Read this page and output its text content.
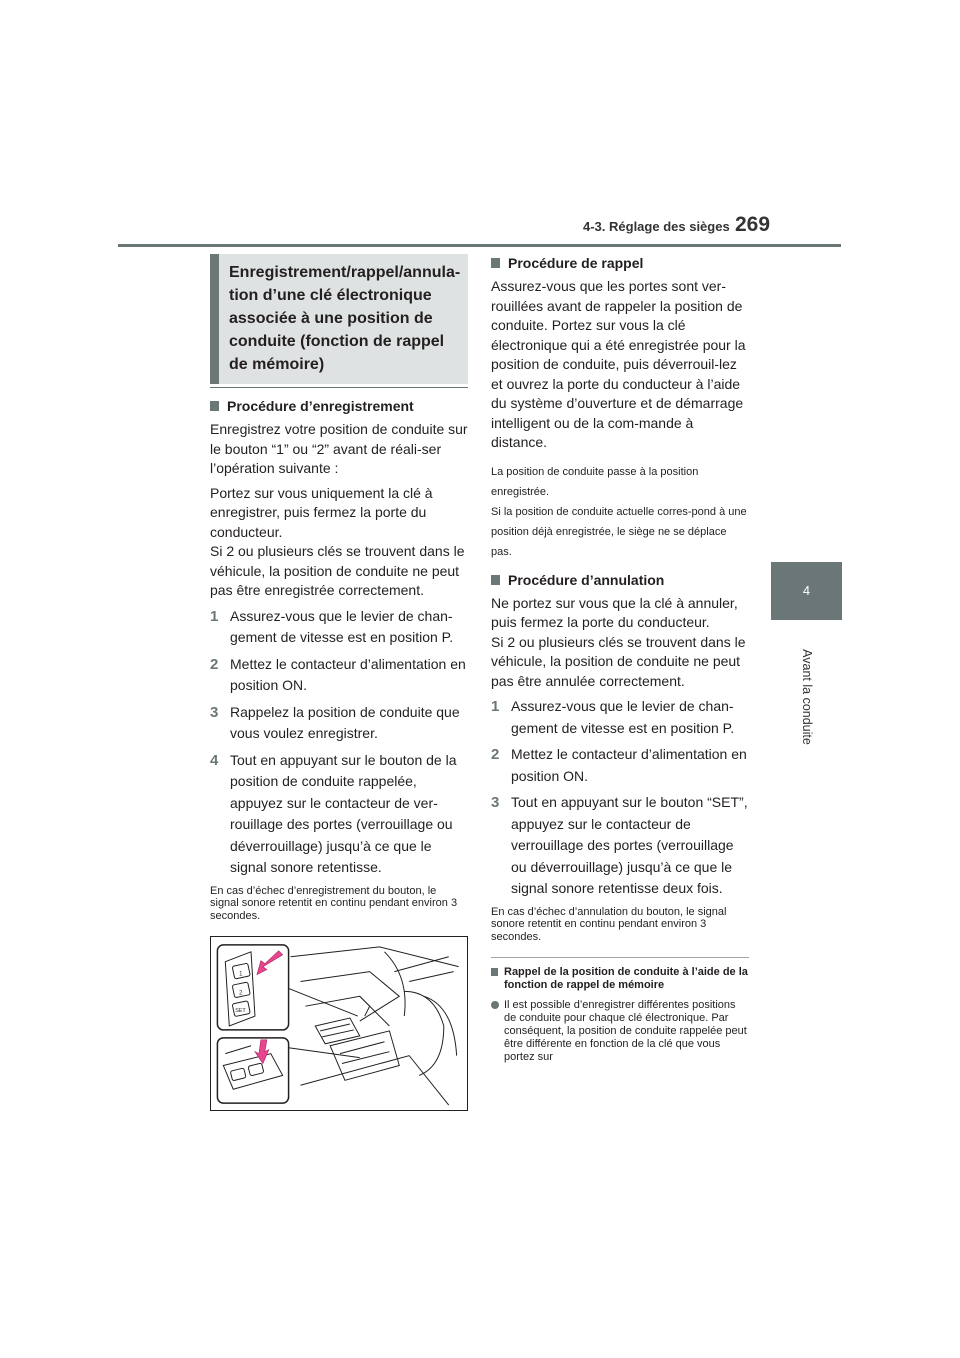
4-3. Réglage des sièges 269
4
Avant la conduite
Enregistrement/rappel/annula-tion d’une clé électronique associée à une position de conduite (fonction de rappel de mémoire)
Procédure d’enregistrement

Enregistrez votre position de conduite sur le bouton “1” ou “2” avant de réali-ser l’opération suivante :

Portez sur vous uniquement la clé à enregistrer, puis fermez la porte du conducteur.

Si 2 ou plusieurs clés se trouvent dans le véhicule, la position de conduite ne peut pas être enregistrée correctement.

1 Assurez-vous que le levier de chan-gement de vitesse est en position P.
2 Mettez le contacteur d’alimentation en position ON.
3 Rappelez la position de conduite que vous voulez enregistrer.
4 Tout en appuyant sur le bouton de la position de conduite rappelée, appuyez sur le contacteur de ver-rouillage des portes (verrouillage ou déverrouillage) jusqu’à ce que le signal sonore retentisse.

En cas d’échec d’enregistrement du bouton, le signal sonore retentit en continu pendant environ 3 secondes.

1
2
SET
Procédure de rappel

Assurez-vous que les portes sont ver-rouillées avant de rappeler la position de conduite. Portez sur vous la clé électronique qui a été enregistrée pour la position de conduite, puis déverrouil-lez et ouvrez la porte du conducteur à l’aide du système d’ouverture et de démarrage intelligent ou de la com-mande à distance.

La position de conduite passe à la position enregistrée.

Si la position de conduite actuelle corres-pond à une position déjà enregistrée, le siège ne se déplace pas.

Procédure d’annulation

Ne portez sur vous que la clé à annuler, puis fermez la porte du conducteur.

Si 2 ou plusieurs clés se trouvent dans le véhicule, la position de conduite ne peut pas être annulée correctement.

1 Assurez-vous que le levier de chan-gement de vitesse est en position P.
2 Mettez le contacteur d’alimentation en position ON.
3 Tout en appuyant sur le bouton “SET”, appuyez sur le contacteur de verrouillage des portes (verrouillage ou déverrouillage) jusqu’à ce que le signal sonore retentisse deux fois.

En cas d’échec d’annulation du bouton, le signal sonore retentit en continu pendant environ 3 secondes.

Rappel de la position de conduite à l’aide de la fonction de rappel de mémoire
Il est possible d’enregistrer différentes positions de conduite pour chaque clé électronique. Par conséquent, la position de conduite rappelée peut être différente en fonction de la clé que vous portez sur
